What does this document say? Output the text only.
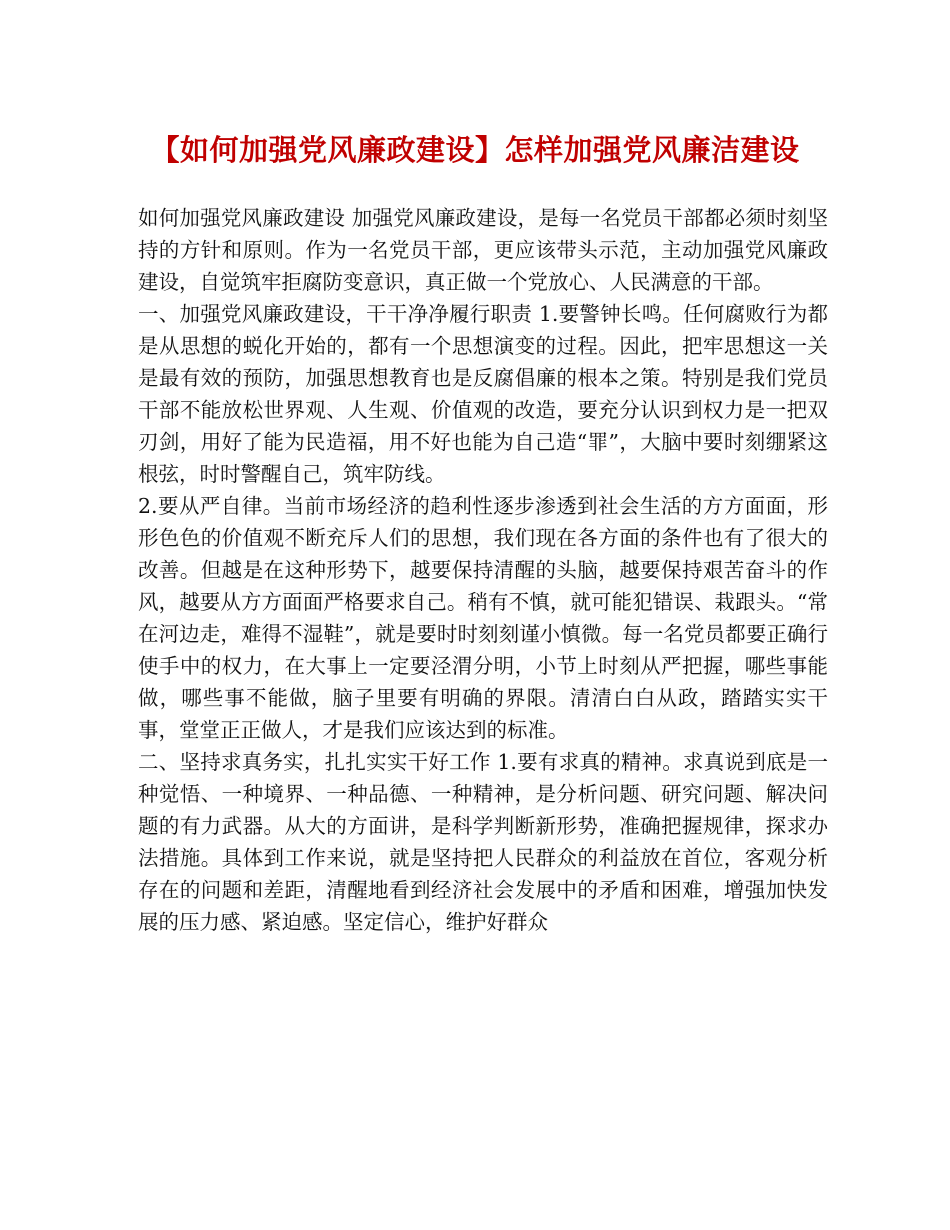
【如何加强党风廉政建设】怎样加强党风廉洁建设

如何加强党风廉政建设 加强党风廉政建设，是每一名党员干部都必须时刻坚持的方针和原则。作为一名党员干部，更应该带头示范，主动加强党风廉政建设，自觉筑牢拒腐防变意识，真正做一个党放心、人民满意的干部。

一、加强党风廉政建设，干干净净履行职责 1.要警钟长鸣。任何腐败行为都是从思想的蜕化开始的，都有一个思想演变的过程。因此，把牢思想这一关是最有效的预防，加强思想教育也是反腐倡廉的根本之策。特别是我们党员干部不能放松世界观、人生观、价值观的改造，要充分认识到权力是一把双刃剑，用好了能为民造福，用不好也能为自己造“罪”，大脑中要时刻绷紧这根弦，时时警醒自己，筑牢防线。

2.要从严自律。当前市场经济的趋利性逐步渗透到社会生活的方方面面，形形色色的价值观不断充斥人们的思想，我们现在各方面的条件也有了很大的改善。但越是在这种形势下，越要保持清醒的头脑，越要保持艰苦奋斗的作风，越要从方方面面严格要求自己。稍有不慎，就可能犯错误、栽跟头。“常在河边走，难得不湿鞋”，就是要时时刻刻谨小慎微。每一名党员都要正确行使手中的权力，在大事上一定要泾渭分明，小节上时刻从严把握，哪些事能做，哪些事不能做，脑子里要有明确的界限。清清白白从政，踏踏实实干事，堂堂正正做人，才是我们应该达到的标准。

二、坚持求真务实，扎扎实实干好工作 1.要有求真的精神。求真说到底是一种觉悟、一种境界、一种品德、一种精神，是分析问题、研究问题、解决问题的有力武器。从大的方面讲，是科学判断新形势，准确把握规律，探求办法措施。具体到工作来说，就是坚持把人民群众的利益放在首位，客观分析存在的问题和差距，清醒地看到经济社会发展中的矛盾和困难，增强加快发展的压力感、紧迫感。坚定信心，维护好群众
